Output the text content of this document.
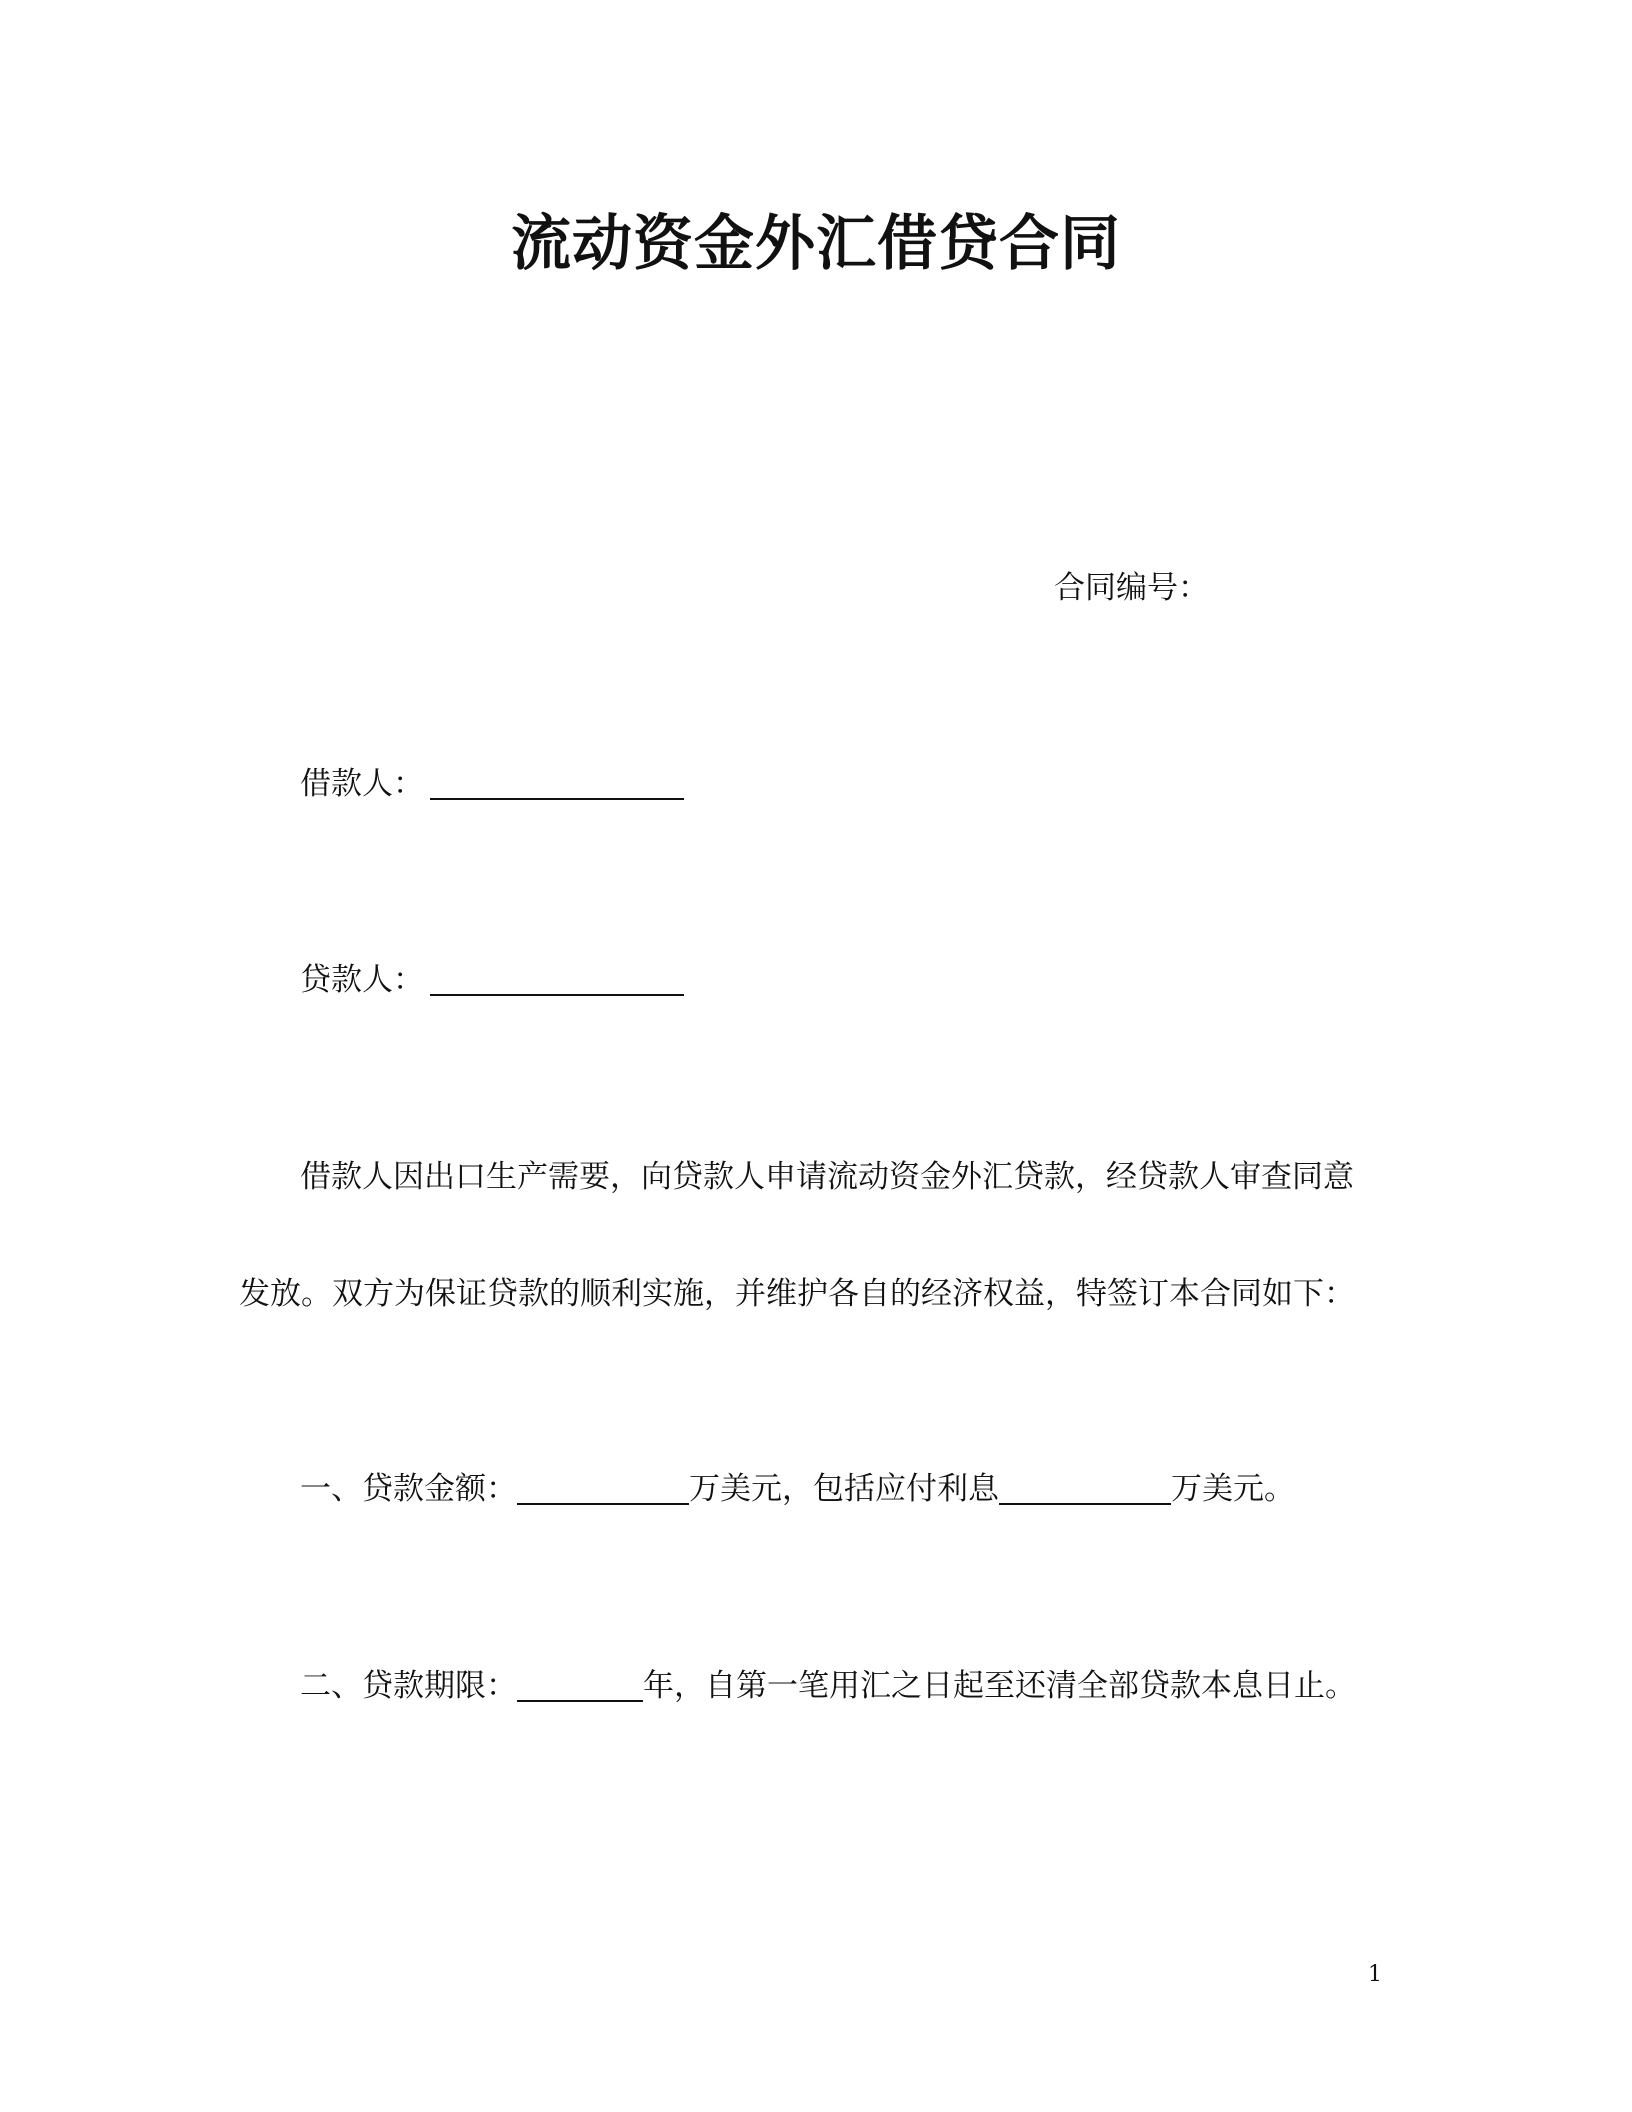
流动资金外汇借贷合同
合同编号：
借款人：
贷款人：
借款人因出口生产需要，向贷款人申请流动资金外汇贷款，经贷款人审查同意
发放。双方为保证贷款的顺利实施，并维护各自的经济权益，特签订本合同如下：
一、贷款金额：	万美元，包括应付利息	万美元。
二、贷款期限：	年，自第一笔用汇之日起至还清全部贷款本息日止。
1
